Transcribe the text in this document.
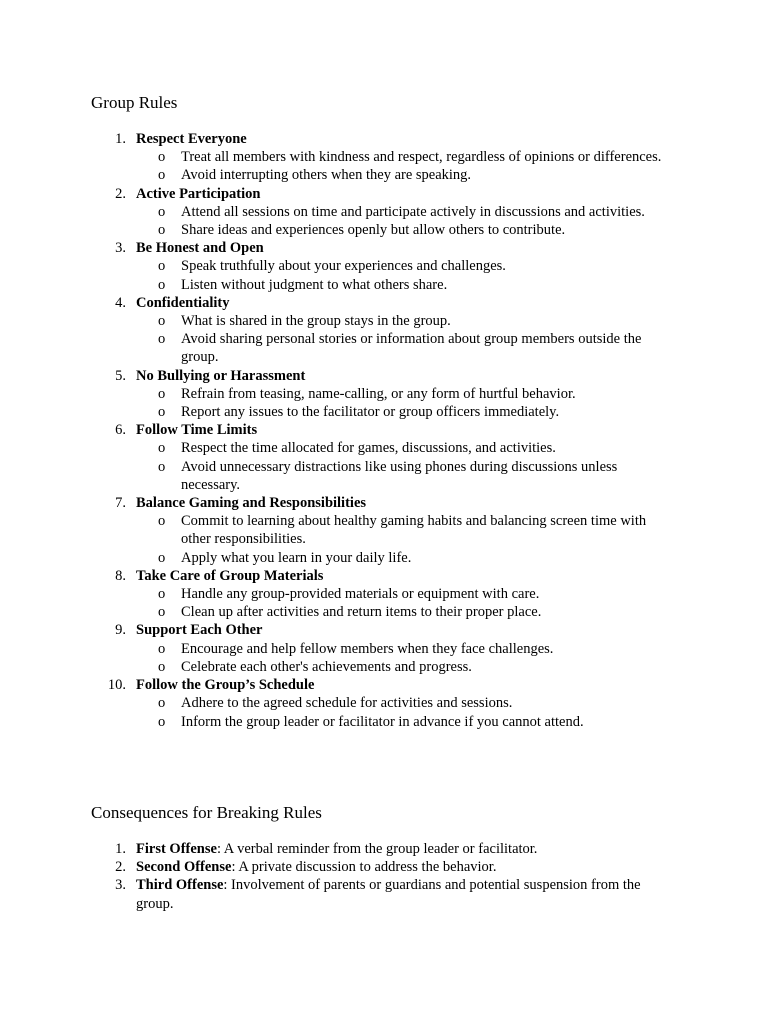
Group Rules
1. Respect Everyone
o Treat all members with kindness and respect, regardless of opinions or differences.
o Avoid interrupting others when they are speaking.
2. Active Participation
o Attend all sessions on time and participate actively in discussions and activities.
o Share ideas and experiences openly but allow others to contribute.
3. Be Honest and Open
o Speak truthfully about your experiences and challenges.
o Listen without judgment to what others share.
4. Confidentiality
o What is shared in the group stays in the group.
o Avoid sharing personal stories or information about group members outside the group.
5. No Bullying or Harassment
o Refrain from teasing, name-calling, or any form of hurtful behavior.
o Report any issues to the facilitator or group officers immediately.
6. Follow Time Limits
o Respect the time allocated for games, discussions, and activities.
o Avoid unnecessary distractions like using phones during discussions unless necessary.
7. Balance Gaming and Responsibilities
o Commit to learning about healthy gaming habits and balancing screen time with other responsibilities.
o Apply what you learn in your daily life.
8. Take Care of Group Materials
o Handle any group-provided materials or equipment with care.
o Clean up after activities and return items to their proper place.
9. Support Each Other
o Encourage and help fellow members when they face challenges.
o Celebrate each other's achievements and progress.
10. Follow the Group’s Schedule
o Adhere to the agreed schedule for activities and sessions.
o Inform the group leader or facilitator in advance if you cannot attend.
Consequences for Breaking Rules
1. First Offense: A verbal reminder from the group leader or facilitator.
2. Second Offense: A private discussion to address the behavior.
3. Third Offense: Involvement of parents or guardians and potential suspension from the group.
